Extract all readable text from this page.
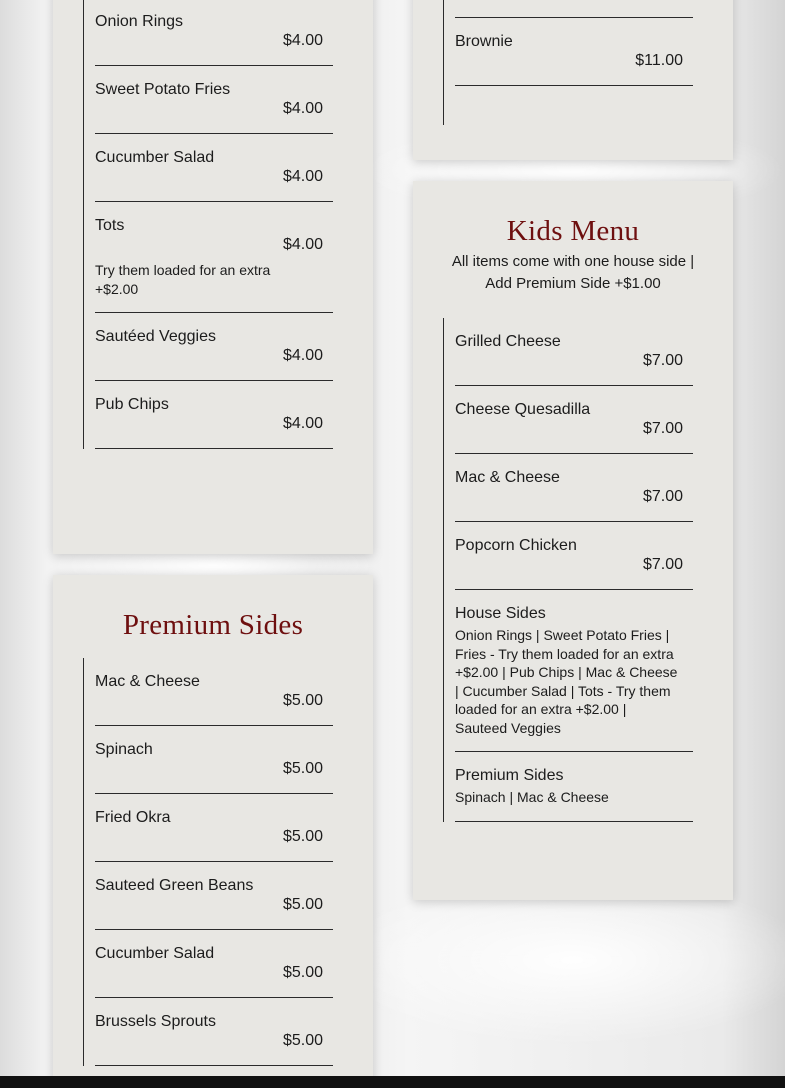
Onion Rings
$4.00
Sweet Potato Fries
$4.00
Cucumber Salad
$4.00
Tots
$4.00
Try them loaded for an extra +$2.00
Sautéed Veggies
$4.00
Pub Chips
$4.00
Premium Sides
Mac & Cheese
$5.00
Spinach
$5.00
Fried Okra
$5.00
Sauteed Green Beans
$5.00
Cucumber Salad
$5.00
Brussels Sprouts
$5.00
Brownie
$11.00
Kids Menu
All items come with one house side | Add Premium Side +$1.00
Grilled Cheese
$7.00
Cheese Quesadilla
$7.00
Mac & Cheese
$7.00
Popcorn Chicken
$7.00
House Sides
Onion Rings | Sweet Potato Fries | Fries - Try them loaded for an extra +$2.00 | Pub Chips | Mac & Cheese | Cucumber Salad | Tots - Try them loaded for an extra +$2.00 | Sauteed Veggies
Premium Sides
Spinach | Mac & Cheese
